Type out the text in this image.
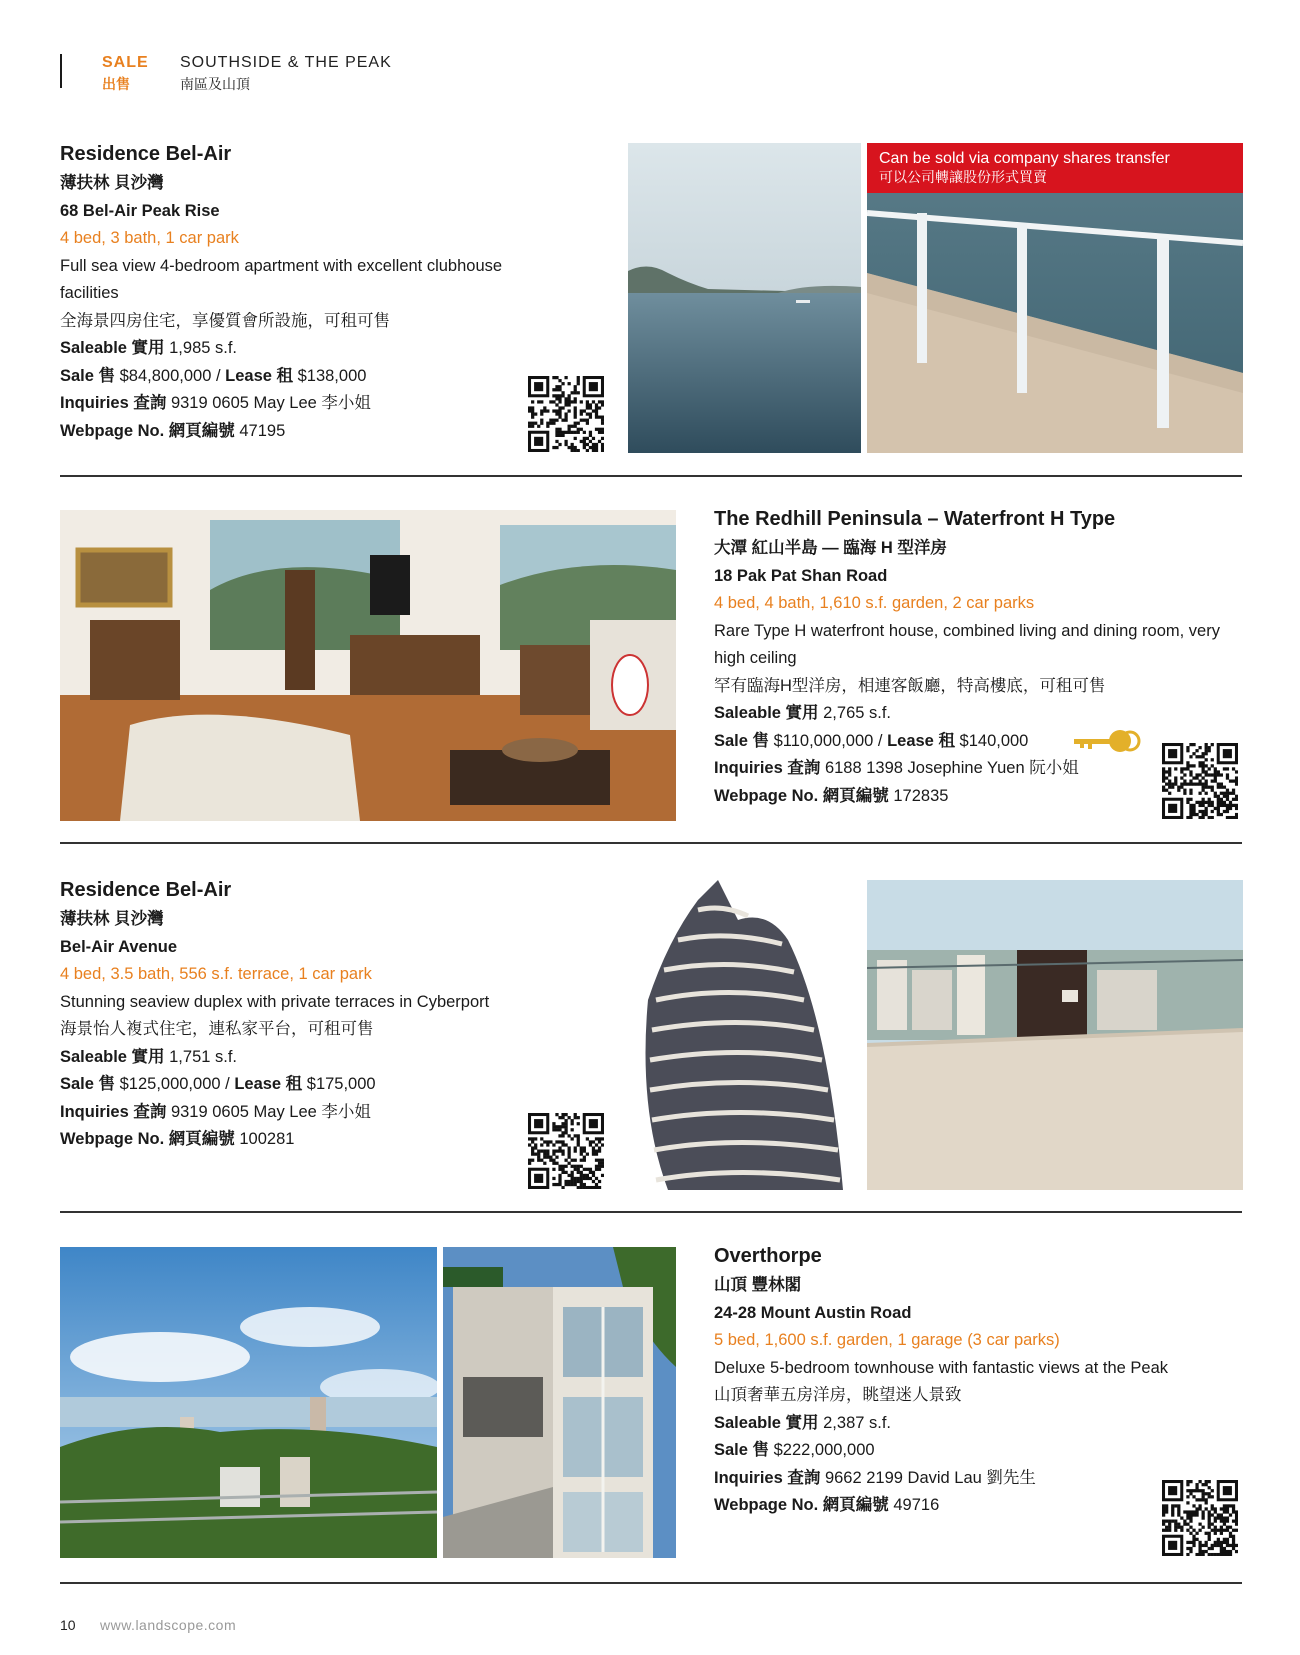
SALE
出售
SOUTHSIDE & THE PEAK
南區及山頂
Residence Bel-Air
薄扶林 貝沙灣
68 Bel-Air Peak Rise
4 bed, 3 bath, 1 car park
Full sea view 4-bedroom apartment with excellent clubhouse facilities
全海景四房住宅，享優質會所設施，可租可售
Saleable 實用 1,985 s.f.
Sale 售 $84,800,000 / Lease 租 $138,000
Inquiries 查詢 9319 0605 May Lee 李小姐
Webpage No. 網頁編號 47195
Can be sold via company shares transfer
可以公司轉讓股份形式買賣
The Redhill Peninsula – Waterfront H Type
大潭 紅山半島 — 臨海 H 型洋房
18 Pak Pat Shan Road
4 bed, 4 bath, 1,610 s.f. garden, 2 car parks
Rare Type H waterfront house, combined living and dining room, very high ceiling
罕有臨海H型洋房，相連客飯廳，特高樓底，可租可售
Saleable 實用 2,765 s.f.
Sale 售 $110,000,000 / Lease 租 $140,000
Inquiries 查詢 6188 1398 Josephine Yuen 阮小姐
Webpage No. 網頁編號 172835
Residence Bel-Air
薄扶林 貝沙灣
Bel-Air Avenue
4 bed, 3.5 bath, 556 s.f. terrace, 1 car park
Stunning seaview duplex with private terraces in Cyberport
海景怡人複式住宅，連私家平台，可租可售
Saleable 實用 1,751 s.f.
Sale 售 $125,000,000 / Lease 租 $175,000
Inquiries 查詢 9319 0605 May Lee 李小姐
Webpage No. 網頁編號 100281
Overthorpe
山頂 豐林閣
24-28 Mount Austin Road
5 bed, 1,600 s.f. garden, 1 garage (3 car parks)
Deluxe 5-bedroom townhouse with fantastic views at the Peak
山頂奢華五房洋房，眺望迷人景致
Saleable 實用 2,387 s.f.
Sale 售 $222,000,000
Inquiries 查詢 9662 2199 David Lau 劉先生
Webpage No. 網頁編號 49716
10 www.landscope.com
